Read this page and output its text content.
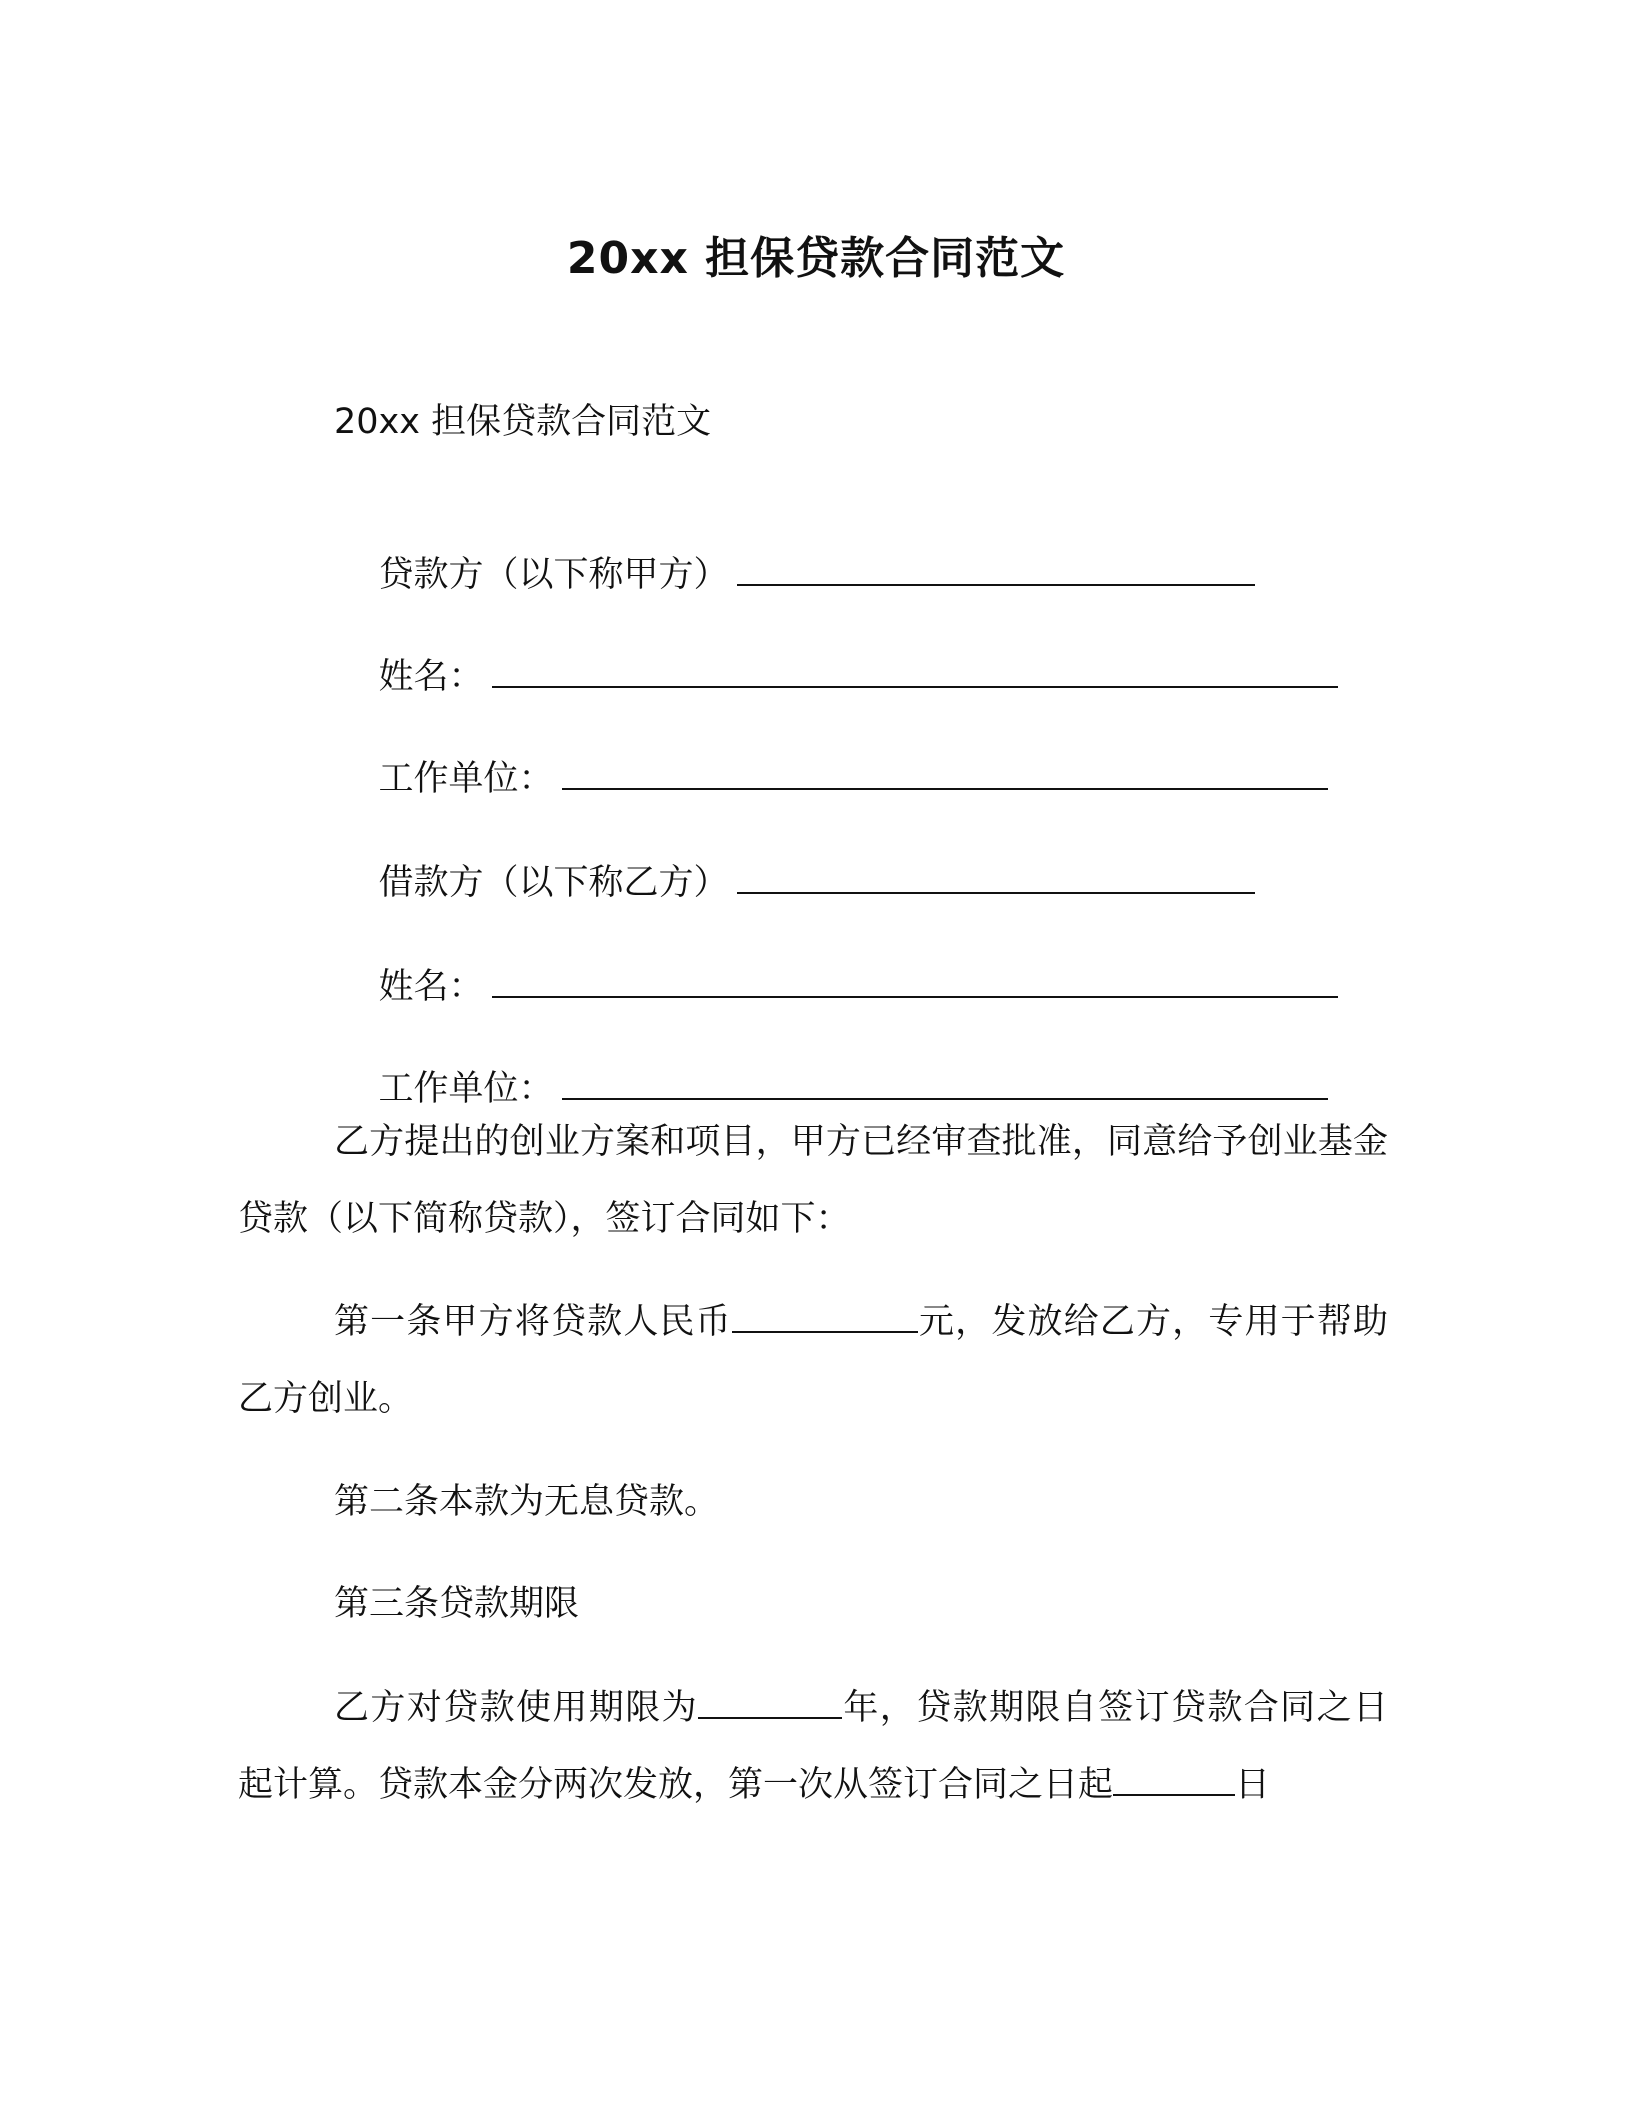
20xx 担保贷款合同范文
20xx 担保贷款合同范文

贷款方（以下称甲方）

姓名：

工作单位：

借款方（以下称乙方）

姓名：

工作单位：

乙方提出的创业方案和项目，甲方已经审查批准，同意给予创业基金贷款（以下简称贷款），签订合同如下：
第一条甲方将贷款人民币	元，发放给乙方，专用于帮助乙方创业。
第二条本款为无息贷款。
第三条贷款期限
乙方对贷款使用期限为	年，贷款期限自签订贷款合同之日起计算。贷款本金分两次发放，第一次从签订合同之日起	日
